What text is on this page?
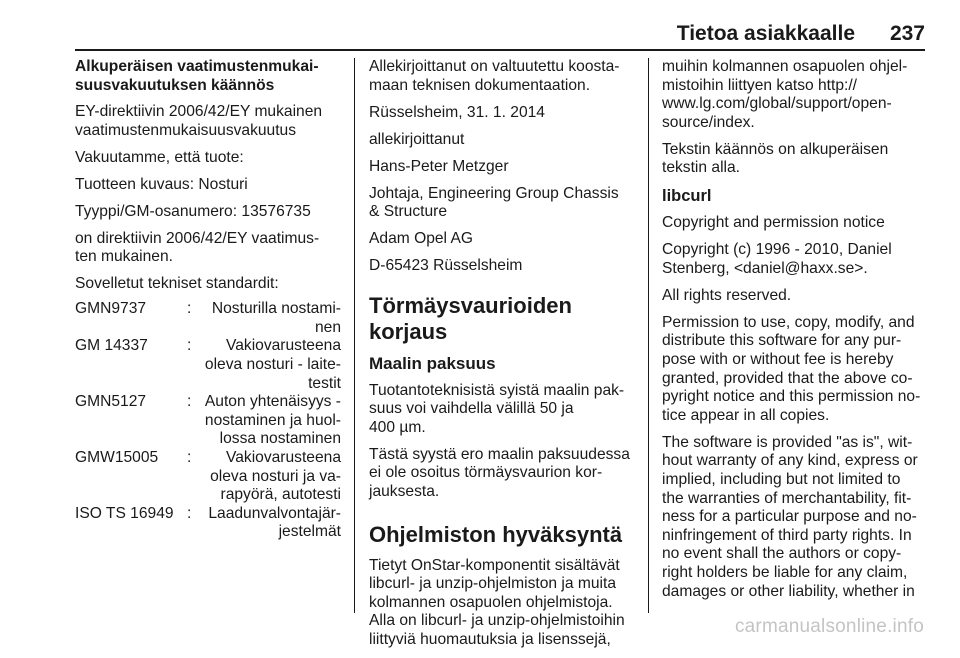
Tietoa asiakkaalle 237
Alkuperäisen vaatimustenmukai-
suusvakuutuksen käännös

EY-direktiivin 2006/42/EY mukainen
vaatimustenmukaisuusvakuutus

Vakuutamme, että tuote:

Tuotteen kuvaus: Nosturi

Tyyppi/GM-osanumero: 13576735

on direktiivin 2006/42/EY vaatimus-
ten mukainen.

Sovelletut tekniset standardit:

GMN9737	:	Nosturilla nostami-
nen
GM 14337	:	Vakiovarusteena
oleva nosturi - laite-
testit
GMN5127	: Auton yhtenäisyys -
nostaminen ja huol-
lossa nostaminen
GMW15005	:	Vakiovarusteena
oleva nosturi ja va-
rapyörä, autotesti
ISO TS 16949 :	Laadunvalvontajär-
jestelmät

Allekirjoittanut on valtuutettu koosta-
maan teknisen dokumentaation.

Rüsselsheim, 31. 1. 2014

allekirjoittanut

Hans-Peter Metzger

Johtaja, Engineering Group Chassis
& Structure

Adam Opel AG

D-65423 Rüsselsheim

Törmäysvaurioiden korjaus
Maalin paksuus

Tuotantoteknisistä syistä maalin pak-
suus voi vaihdella välillä 50 ja
400 µm.

Tästä syystä ero maalin paksuudessa
ei ole osoitus törmäysvaurion kor-
jauksesta.

Ohjelmiston hyväksyntä

Tietyt OnStar-komponentit sisältävät
libcurl- ja unzip-ohjelmiston ja muita
kolmannen osapuolen ohjelmistoja.
Alla on libcurl- ja unzip-ohjelmistoihin
liittyviä huomautuksia ja lisenssejä,

muihin kolmannen osapuolen ohjel-
mistoihin liittyen katso http://
www.lg.com/global/support/open-
source/index.

Tekstin käännös on alkuperäisen
tekstin alla.

libcurl

Copyright and permission notice

Copyright (c) 1996 - 2010, Daniel
Stenberg, <daniel@haxx.se>.

All rights reserved.

Permission to use, copy, modify, and
distribute this software for any pur-
pose with or without fee is hereby
granted, provided that the above co-
pyright notice and this permission no-
tice appear in all copies.

The software is provided "as is", wit-
hout warranty of any kind, express or
implied, including but not limited to
the warranties of merchantability, fit-
ness for a particular purpose and no-
ninfringement of third party rights. In
no event shall the authors or copy-
right holders be liable for any claim,
damages or other liability, whether in

carmanualsonline.info
